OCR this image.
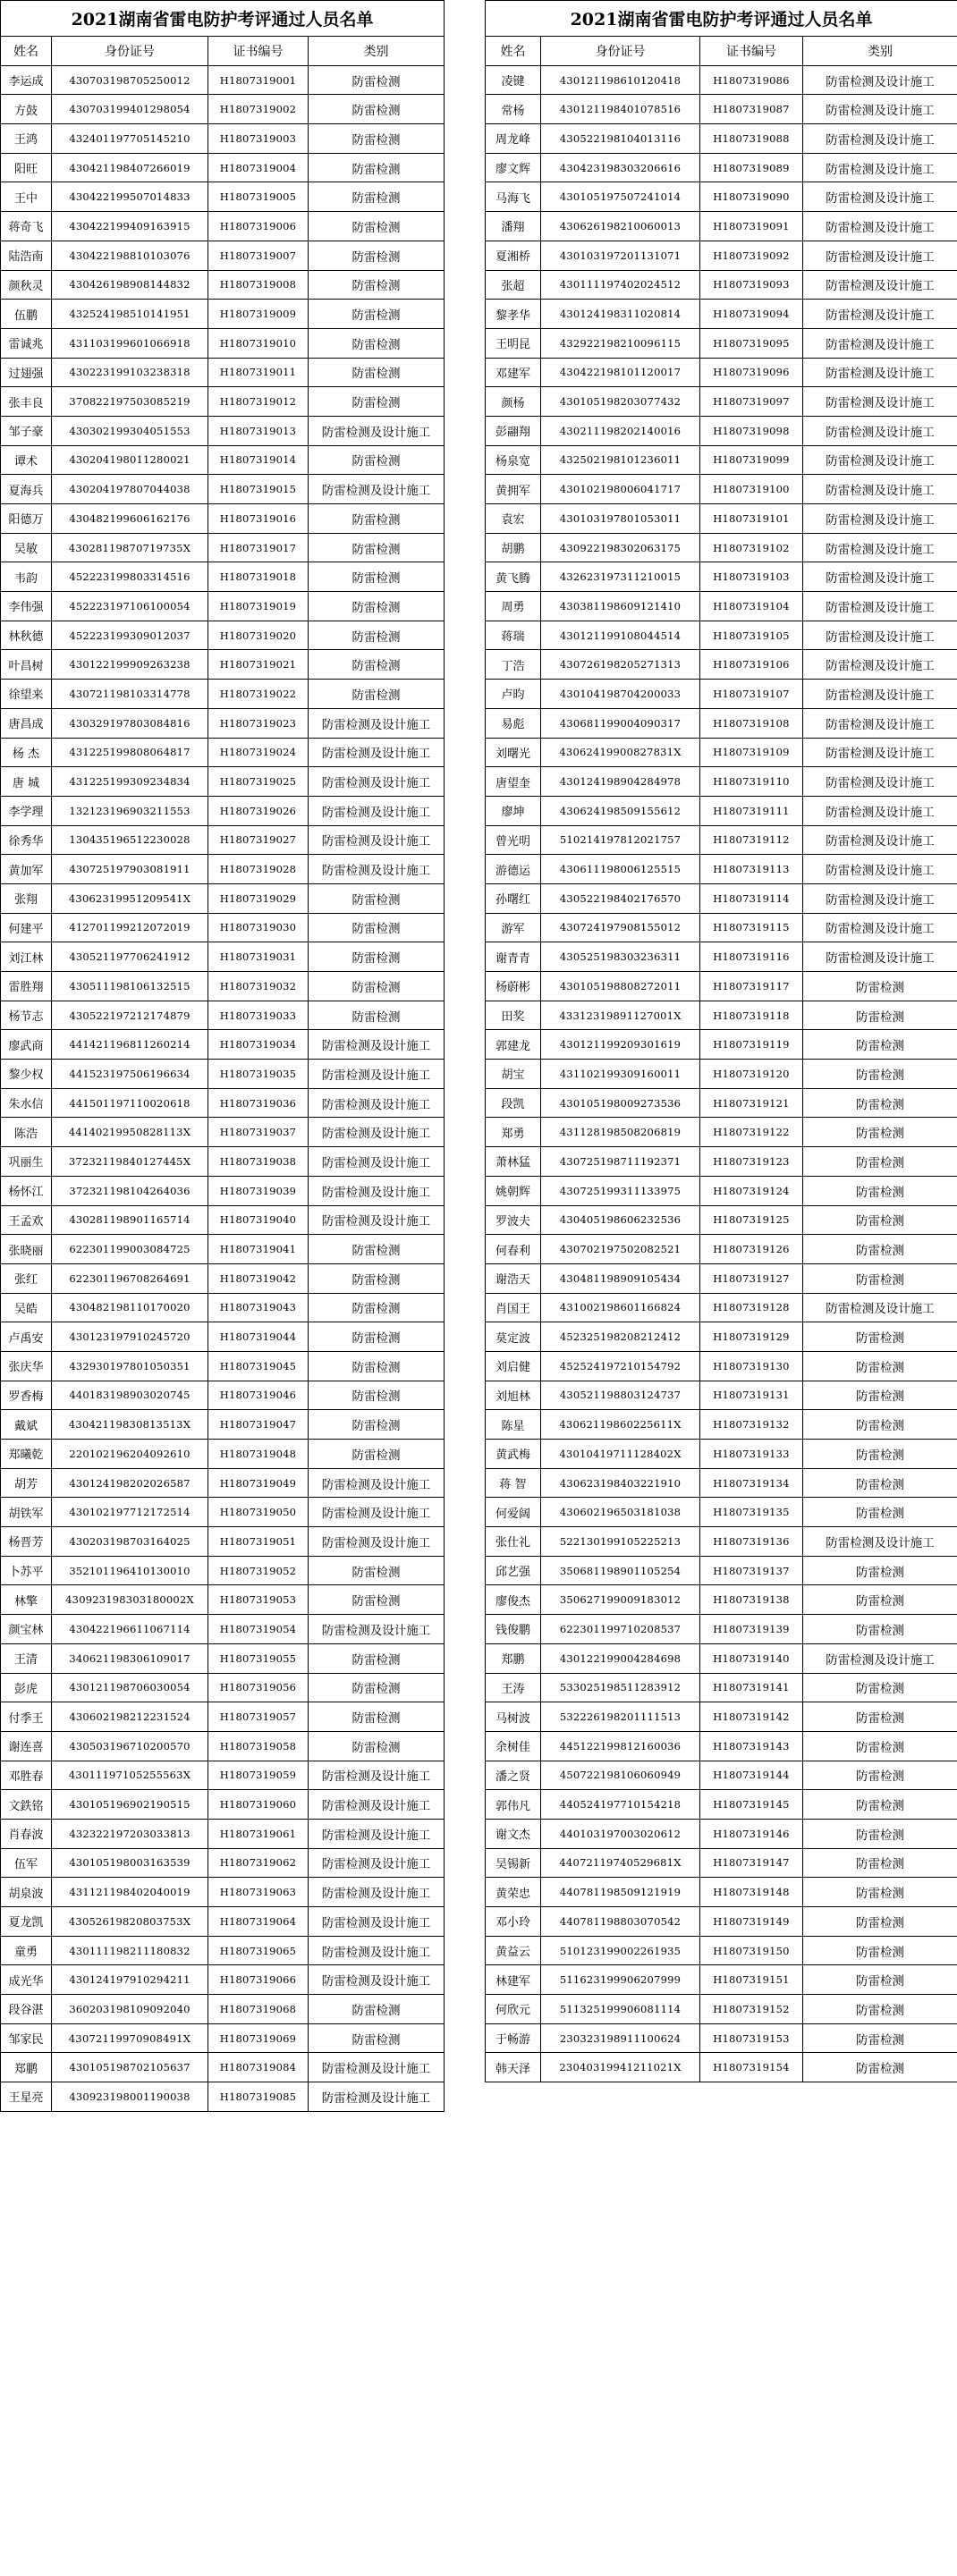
2021湖南省雷电防护考评通过人员名单			
姓名	身份证号	证书编号	类别
李运成	430703198705250012	H1807319001	防雷检测
方鼓	430703199401298054	H1807319002	防雷检测
王鸿	432401197705145210	H1807319003	防雷检测
阳旺	430421198407266019	H1807319004	防雷检测
王中	430422199507014833	H1807319005	防雷检测
蒋奇飞	430422199409163915	H1807319006	防雷检测
陆浩南	430422198810103076	H1807319007	防雷检测
颜秋灵	430426198908144832	H1807319008	防雷检测
伍鹏	432524198510141951	H1807319009	防雷检测
雷诚兆	431103199601066918	H1807319010	防雷检测
过翅强	430223199103238318	H1807319011	防雷检测
张丰良	370822197503085219	H1807319012	防雷检测
邹子豪	430302199304051553	H1807319013	防雷检测及设计施工
谭术	430204198011280021	H1807319014	防雷检测
夏海兵	430204197807044038	H1807319015	防雷检测及设计施工
阳德万	430482199606162176	H1807319016	防雷检测
吴敏	43028119870719735X	H1807319017	防雷检测
韦韵	452223199803314516	H1807319018	防雷检测
李伟强	452223197106100054	H1807319019	防雷检测
林秋德	452223199309012037	H1807319020	防雷检测
叶昌树	430122199909263238	H1807319021	防雷检测
徐望来	430721198103314778	H1807319022	防雷检测
唐昌成	430329197803084816	H1807319023	防雷检测及设计施工
杨 杰	431225199808064817	H1807319024	防雷检测及设计施工
唐 城	431225199309234834	H1807319025	防雷检测及设计施工
李学理	132123196903211553	H1807319026	防雷检测及设计施工
徐秀华	130435196512230028	H1807319027	防雷检测及设计施工
黄加军	430725197903081911	H1807319028	防雷检测及设计施工
张翔	43062319951209541X	H1807319029	防雷检测
何建平	412701199212072019	H1807319030	防雷检测
刘江林	430521197706241912	H1807319031	防雷检测
雷胜翔	430511198106132515	H1807319032	防雷检测
杨节志	430522197212174879	H1807319033	防雷检测
廖武商	441421196811260214	H1807319034	防雷检测及设计施工
黎少权	441523197506196634	H1807319035	防雷检测及设计施工
朱水信	441501197110020618	H1807319036	防雷检测及设计施工
陈浩	44140219950828113X	H1807319037	防雷检测及设计施工
巩丽生	37232119840127445X	H1807319038	防雷检测及设计施工
杨怀江	372321198104264036	H1807319039	防雷检测及设计施工
王孟欢	430281198901165714	H1807319040	防雷检测及设计施工
张晓丽	622301199003084725	H1807319041	防雷检测
张红	622301196708264691	H1807319042	防雷检测
吴皓	430482198110170020	H1807319043	防雷检测
卢禹安	430123197910245720	H1807319044	防雷检测
张庆华	432930197801050351	H1807319045	防雷检测
罗香梅	440183198903020745	H1807319046	防雷检测
戴斌	43042119830813513X	H1807319047	防雷检测
郑曦乾	220102196204092610	H1807319048	防雷检测
胡芳	430124198202026587	H1807319049	防雷检测及设计施工
胡铁军	430102197712172514	H1807319050	防雷检测及设计施工
杨晋芳	430203198703164025	H1807319051	防雷检测及设计施工
卜苏平	352101196410130010	H1807319052	防雷检测
林擎	430923198303180002X	H1807319053	防雷检测
颜宝林	430422196611067114	H1807319054	防雷检测及设计施工
王清	340621198306109017	H1807319055	防雷检测
彭虎	430121198706030054	H1807319056	防雷检测
付季王	430602198212231524	H1807319057	防雷检测
谢连喜	430503196710200570	H1807319058	防雷检测
邓胜春	43011197105255563X	H1807319059	防雷检测及设计施工
文鉄铭	430105196902190515	H1807319060	防雷检测及设计施工
肖春波	432322197203033813	H1807319061	防雷检测及设计施工
伍军	430105198003163539	H1807319062	防雷检测及设计施工
胡泉波	431121198402040019	H1807319063	防雷检测及设计施工
夏龙凯	43052619820803753X	H1807319064	防雷检测及设计施工
童勇	430111198211180832	H1807319065	防雷检测及设计施工
成光华	430124197910294211	H1807319066	防雷检测及设计施工
段谷湛	360203198109092040	H1807319068	防雷检测
邹家民	43072119970908491X	H1807319069	防雷检测
郑鹏	430105198702105637	H1807319084	防雷检测及设计施工
王星亮	430923198001190038	H1807319085	防雷检测及设计施工
2021湖南省雷电防护考评通过人员名单			
姓名	身份证号	证书编号	类别
凌键	430121198610120418	H1807319086	防雷检测及设计施工
常杨	430121198401078516	H1807319087	防雷检测及设计施工
周龙峰	430522198104013116	H1807319088	防雷检测及设计施工
廖文辉	430423198303206616	H1807319089	防雷检测及设计施工
马海飞	430105197507241014	H1807319090	防雷检测及设计施工
潘翔	430626198210060013	H1807319091	防雷检测及设计施工
夏湘桥	430103197201131071	H1807319092	防雷检测及设计施工
张超	430111197402024512	H1807319093	防雷检测及设计施工
黎孝华	430124198311020814	H1807319094	防雷检测及设计施工
王明昆	432922198210096115	H1807319095	防雷检测及设计施工
邓建军	430422198101120017	H1807319096	防雷检测及设计施工
颜杨	430105198203077432	H1807319097	防雷检测及设计施工
彭翮翔	430211198202140016	H1807319098	防雷检测及设计施工
杨泉宽	432502198101236011	H1807319099	防雷检测及设计施工
黄拥军	430102198006041717	H1807319100	防雷检测及设计施工
袁宏	430103197801053011	H1807319101	防雷检测及设计施工
胡鹏	430922198302063175	H1807319102	防雷检测及设计施工
黄飞腾	432623197311210015	H1807319103	防雷检测及设计施工
周勇	430381198609121410	H1807319104	防雷检测及设计施工
蒋瑞	430121199108044514	H1807319105	防雷检测及设计施工
丁浩	430726198205271313	H1807319106	防雷检测及设计施工
卢昀	430104198704200033	H1807319107	防雷检测及设计施工
易彪	430681199004090317	H1807319108	防雷检测及设计施工
刘曙光	43062419900827831X	H1807319109	防雷检测及设计施工
唐望奎	430124198904284978	H1807319110	防雷检测及设计施工
廖坤	430624198509155612	H1807319111	防雷检测及设计施工
曾光明	510214197812021757	H1807319112	防雷检测及设计施工
游德运	430611198006125515	H1807319113	防雷检测及设计施工
孙曙红	430522198402176570	H1807319114	防雷检测及设计施工
游军	430724197908155012	H1807319115	防雷检测及设计施工
谢青青	430525198303236311	H1807319116	防雷检测及设计施工
杨蔚彬	430105198808272011	H1807319117	防雷检测
田奖	43312319891127001X	H1807319118	防雷检测
郭建龙	430121199209301619	H1807319119	防雷检测
胡宝	431102199309160011	H1807319120	防雷检测
段凯	430105198009273536	H1807319121	防雷检测
郑勇	431128198508206819	H1807319122	防雷检测
萧林猛	430725198711192371	H1807319123	防雷检测
姚朝辉	430725199311133975	H1807319124	防雷检测
罗波夫	430405198606232536	H1807319125	防雷检测
何春利	430702197502082521	H1807319126	防雷检测
谢浩天	430481198909105434	H1807319127	防雷检测
肖国王	431002198601166824	H1807319128	防雷检测及设计施工
莫定波	452325198208212412	H1807319129	防雷检测
刘启健	452524197210154792	H1807319130	防雷检测
刘旭林	430521198803124737	H1807319131	防雷检测
陈星	43062119860225611X	H1807319132	防雷检测
黄武梅	43010419711128402X	H1807319133	防雷检测
蒋 智	430623198403221910	H1807319134	防雷检测
何爱阔	430602196503181038	H1807319135	防雷检测
张仕礼	522130199105225213	H1807319136	防雷检测及设计施工
邱艺强	350681198901105254	H1807319137	防雷检测
廖俊杰	350627199009183012	H1807319138	防雷检测
钱俊鹏	622301199710208537	H1807319139	防雷检测
郑鹏	430122199004284698	H1807319140	防雷检测及设计施工
王涛	533025198511283912	H1807319141	防雷检测
马树波	532226198201111513	H1807319142	防雷检测
余树佳	445122199812160036	H1807319143	防雷检测
潘之贤	450722198106060949	H1807319144	防雷检测
郭伟凡	440524197710154218	H1807319145	防雷检测
谢文杰	440103197003020612	H1807319146	防雷检测
吴锡新	44072119740529681X	H1807319147	防雷检测
黄荣忠	440781198509121919	H1807319148	防雷检测
邓小玲	440781198803070542	H1807319149	防雷检测
黄益云	510123199002261935	H1807319150	防雷检测
林建军	511623199906207999	H1807319151	防雷检测
何欣元	511325199906081114	H1807319152	防雷检测
于畅游	230323198911100624	H1807319153	防雷检测
韩天泽	23040319941211021X	H1807319154	防雷检测
